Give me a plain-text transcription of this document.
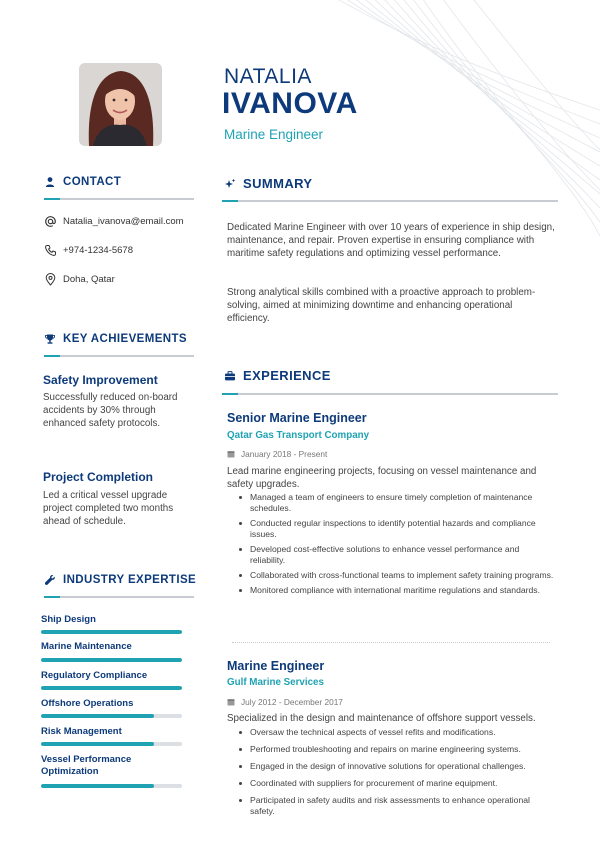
NATALIA
IVANOVA
Marine Engineer
CONTACT
Natalia_ivanova@email.com
+974-1234-5678
Doha, Qatar
KEY ACHIEVEMENTS
Safety Improvement
Successfully reduced on-board accidents by 30% through enhanced safety protocols.
Project Completion
Led a critical vessel upgrade project completed two months ahead of schedule.
INDUSTRY EXPERTISE
Ship Design
Marine Maintenance
Regulatory Compliance
Offshore Operations
Risk Management
Vessel Performance Optimization
SUMMARY
Dedicated Marine Engineer with over 10 years of experience in ship design, maintenance, and repair. Proven expertise in ensuring compliance with maritime safety regulations and optimizing vessel performance.
Strong analytical skills combined with a proactive approach to problem-solving, aimed at minimizing downtime and enhancing operational efficiency.
EXPERIENCE
Senior Marine Engineer
Qatar Gas Transport Company
January 2018 - Present
Lead marine engineering projects, focusing on vessel maintenance and safety upgrades.
Managed a team of engineers to ensure timely completion of maintenance schedules.
Conducted regular inspections to identify potential hazards and compliance issues.
Developed cost-effective solutions to enhance vessel performance and reliability.
Collaborated with cross-functional teams to implement safety training programs.
Monitored compliance with international maritime regulations and standards.
Marine Engineer
Gulf Marine Services
July 2012 - December 2017
Specialized in the design and maintenance of offshore support vessels.
Oversaw the technical aspects of vessel refits and modifications.
Performed troubleshooting and repairs on marine engineering systems.
Engaged in the design of innovative solutions for operational challenges.
Coordinated with suppliers for procurement of marine equipment.
Participated in safety audits and risk assessments to enhance operational safety.
